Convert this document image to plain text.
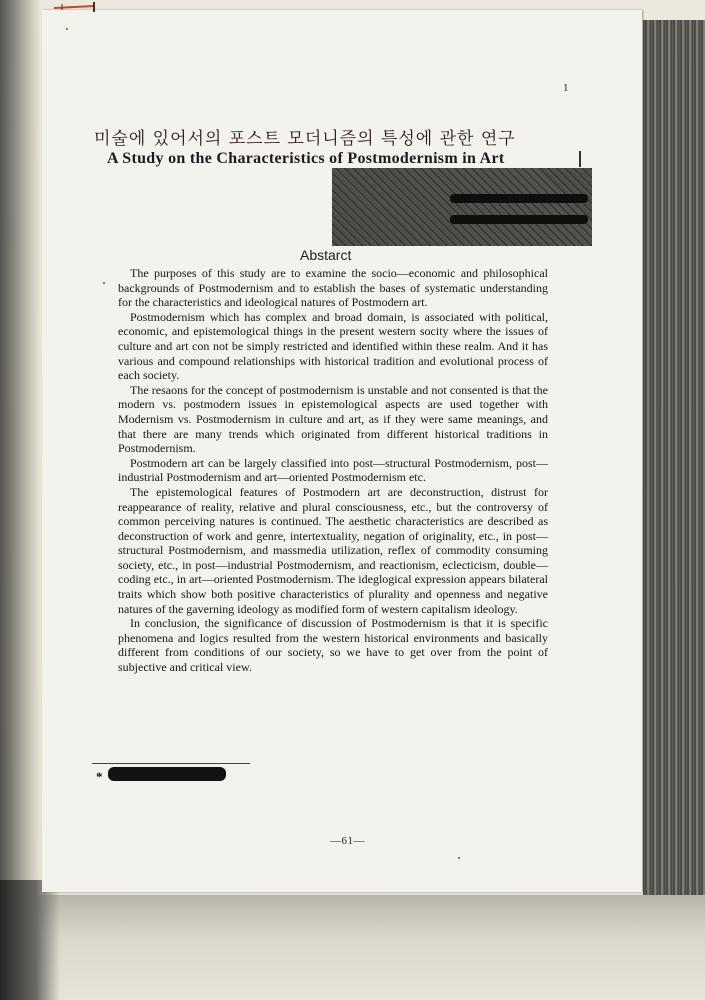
1
미술에 있어서의 포스트 모더니즘의 특성에 관한 연구
A Study on the Characteristics of Postmodernism in Art
Abstarct

The purposes of this study are to examine the socio—economic and philosophical backgrounds of Postmodernism and to establish the bases of systematic understanding for the characteristics and ideological natures of Postmodern art.

Postmodernism which has complex and broad domain, is associated with political, economic, and epistemological things in the present western socity where the issues of culture and art con not be simply restricted and identified within these realm. And it has various and compound relationships with historical tradition and evolutional process of each society.

The resaons for the concept of postmodernism is unstable and not consented is that the modern vs. postmodern issues in epistemological aspects are used together with Modernism vs. Postmodernism in culture and art, as if they were same meanings, and that there are many trends which originated from different historical traditions in Postmodernism.

Postmodern art can be largely classified into post—structural Postmodernism, post—industrial Postmodernism and art—oriented Postmodernism etc.

The epistemological features of Postmodern art are deconstruction, distrust for reappearance of reality, relative and plural consciousness, etc., but the controversy of common perceiving natures is continued. The aesthetic characteristics are described as deconstruction of work and genre, intertextuality, negation of originality, etc., in post—structural Postmodernism, and massmedia utilization, reflex of commodity consuming society, etc., in post—industrial Postmodernism, and reactionism, eclecticism, double—coding etc., in art—oriented Postmodernism. The ideglogical expression appears bilateral traits which show both positive characteristics of plurality and openness and negative natures of the gaverning ideology as modified form of western capitalism ideology.

In conclusion, the significance of discussion of Postmodernism is that it is specific phenomena and logics resulted from the western historical environments and basically different from conditions of our society, so we have to get over from the point of subjective and critical view.

*
—61—
